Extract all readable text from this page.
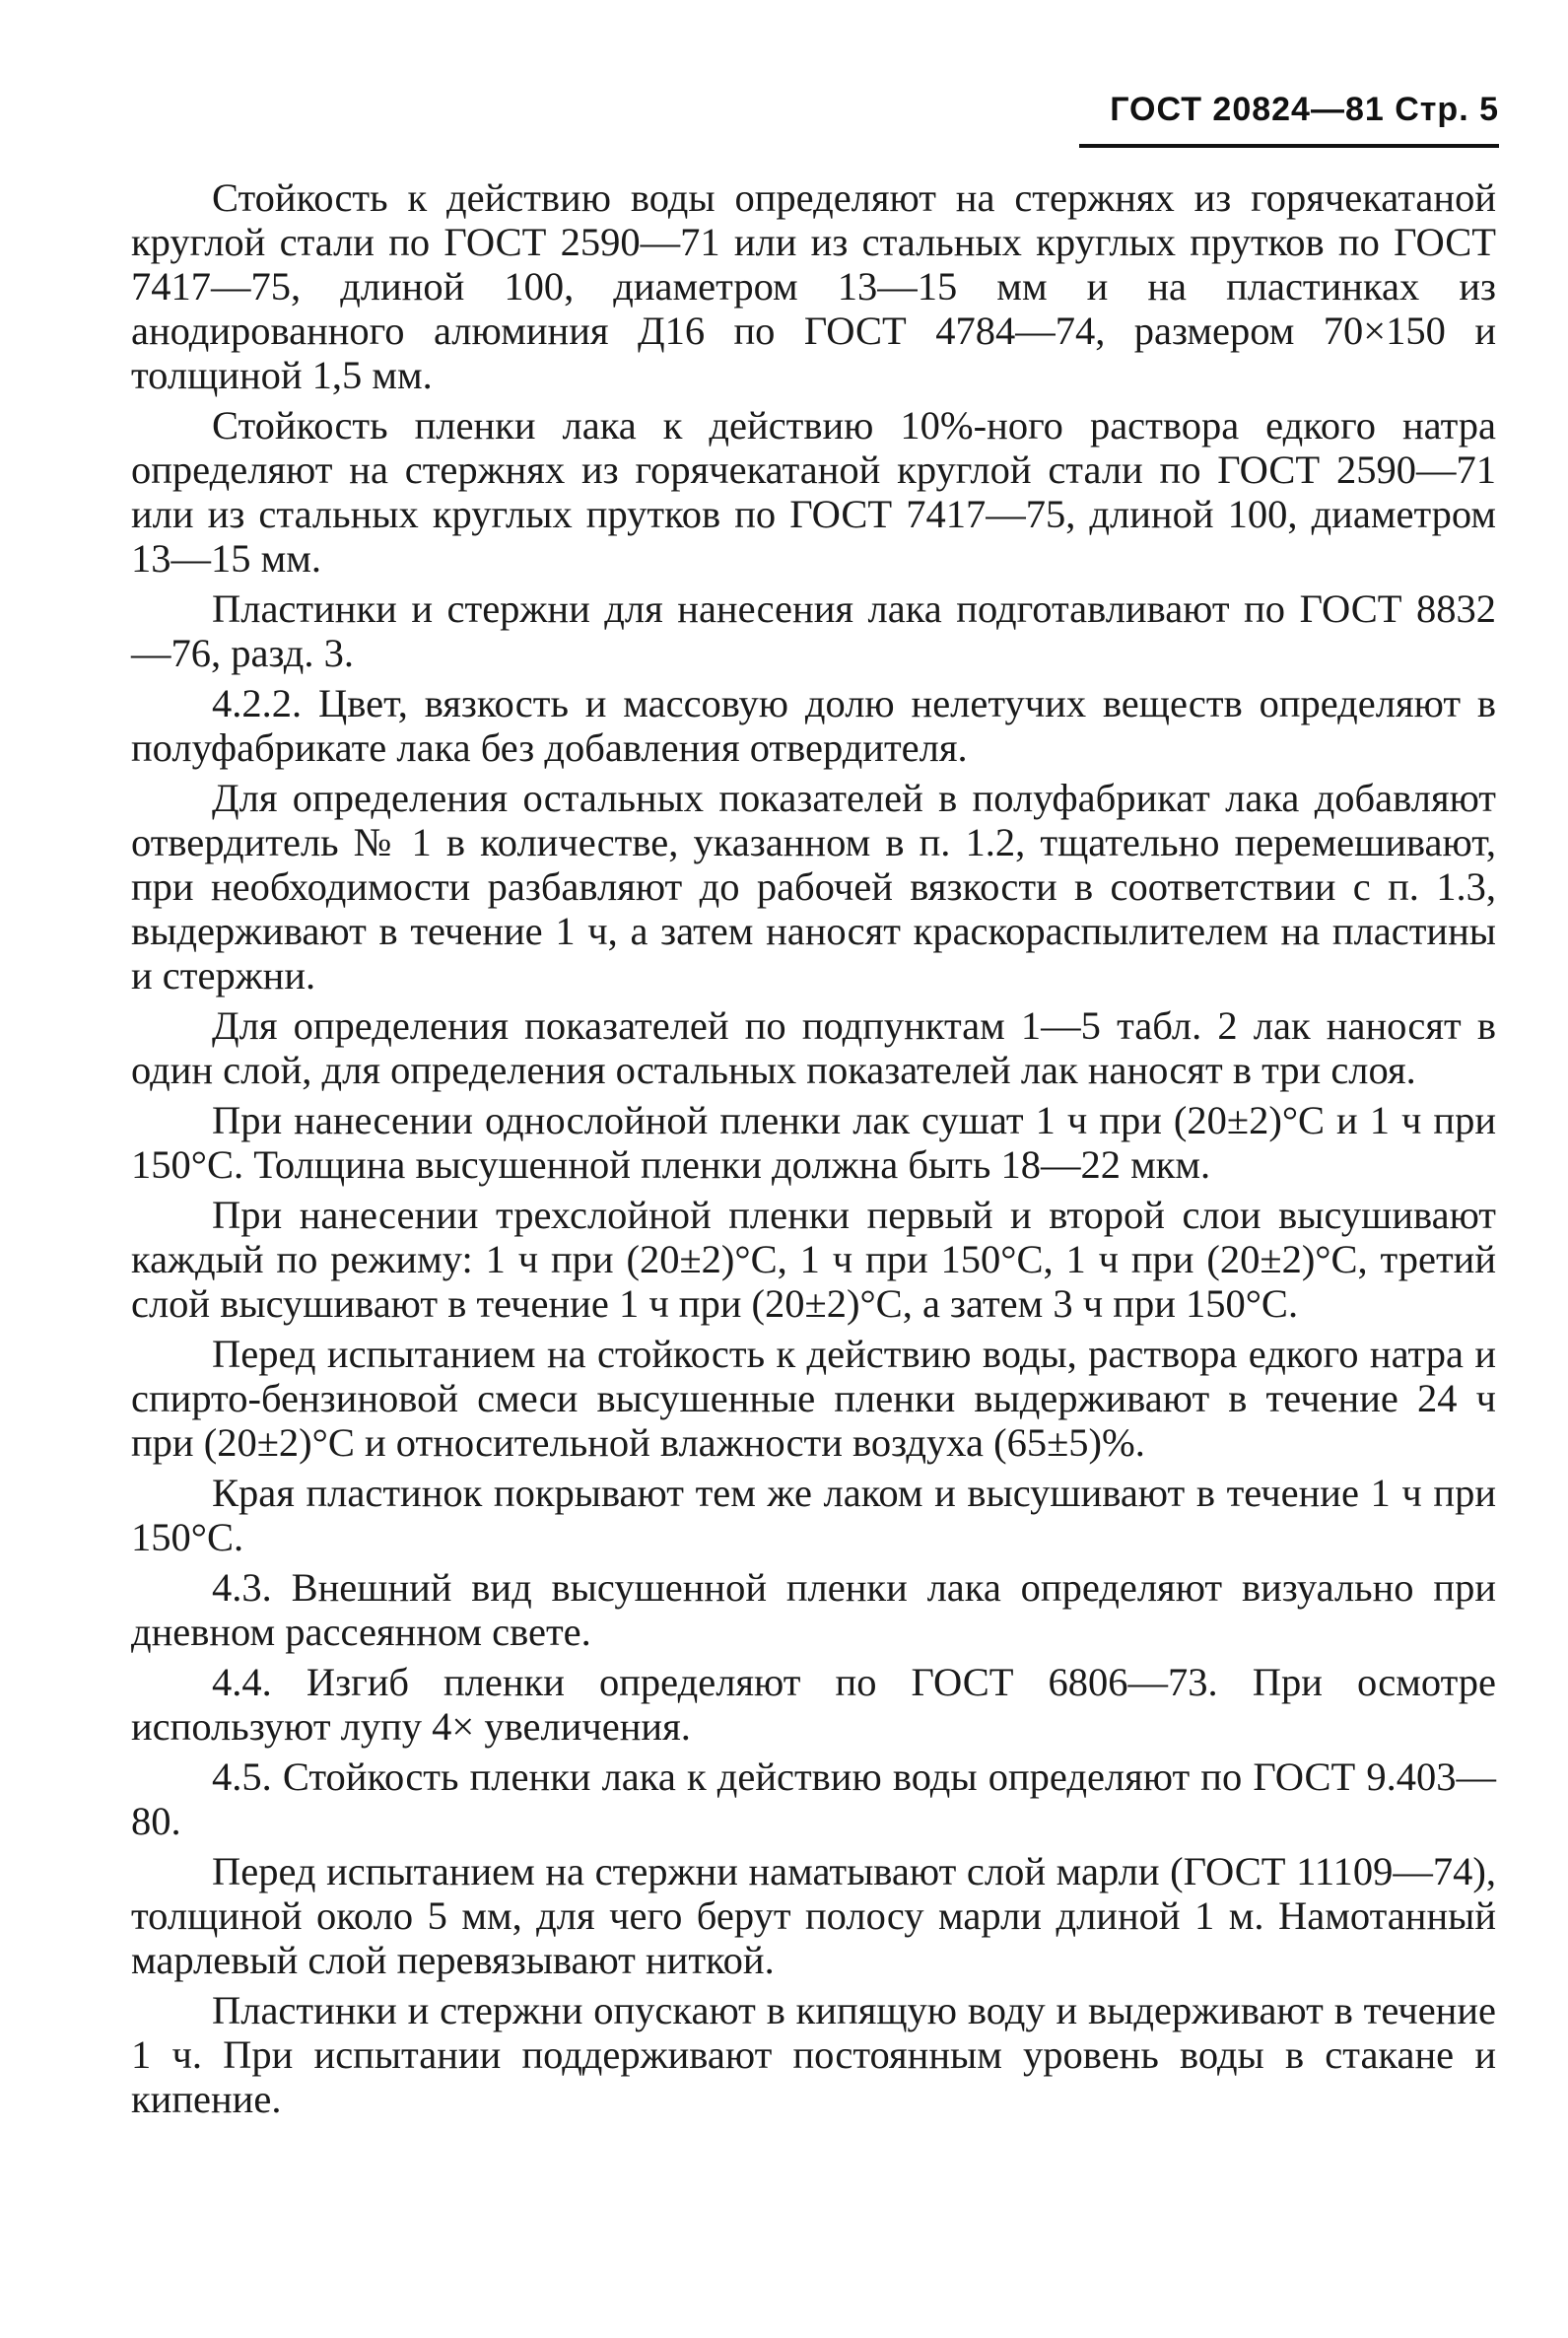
ГОСТ 20824—81 Стр. 5

Стойкость к действию воды определяют на стержнях из горячекатаной круглой стали по ГОСТ 2590—71 или из стальных круглых прутков по ГОСТ 7417—75, длиной 100, диаметром 13—15 мм и на пластинках из анодированного алюминия Д16 по ГОСТ 4784—74, размером 70×150 и толщиной 1,5 мм.

Стойкость пленки лака к действию 10%-ного раствора едкого натра определяют на стержнях из горячекатаной круглой стали по ГОСТ 2590—71 или из стальных круглых прутков по ГОСТ 7417—75, длиной 100, диаметром 13—15 мм.

Пластинки и стержни для нанесения лака подготавливают по ГОСТ 8832—76, разд. 3.

4.2.2. Цвет, вязкость и массовую долю нелетучих веществ определяют в полуфабрикате лака без добавления отвердителя.

Для определения остальных показателей в полуфабрикат лака добавляют отвердитель № 1 в количестве, указанном в п. 1.2, тщательно перемешивают, при необходимости разбавляют до рабочей вязкости в соответствии с п. 1.3, выдерживают в течение 1 ч, а затем наносят краскораспылителем на пластины и стержни.

Для определения показателей по подпунктам 1—5 табл. 2 лак наносят в один слой, для определения остальных показателей лак наносят в три слоя.

При нанесении однослойной пленки лак сушат 1 ч при (20±2)°С и 1 ч при 150°С. Толщина высушенной пленки должна быть 18—22 мкм.

При нанесении трехслойной пленки первый и второй слои высушивают каждый по режиму: 1 ч при (20±2)°С, 1 ч при 150°С, 1 ч при (20±2)°С, третий слой высушивают в течение 1 ч при (20±2)°С, а затем 3 ч при 150°С.

Перед испытанием на стойкость к действию воды, раствора едкого натра и спирто-бензиновой смеси высушенные пленки выдерживают в течение 24 ч при (20±2)°С и относительной влажности воздуха (65±5)%.

Края пластинок покрывают тем же лаком и высушивают в течение 1 ч при 150°С.

4.3. Внешний вид высушенной пленки лака определяют визуально при дневном рассеянном свете.

4.4. Изгиб пленки определяют по ГОСТ 6806—73. При осмотре используют лупу 4× увеличения.

4.5. Стойкость пленки лака к действию воды определяют по ГОСТ 9.403—80.

Перед испытанием на стержни наматывают слой марли (ГОСТ 11109—74), толщиной около 5 мм, для чего берут полосу марли длиной 1 м. Намотанный марлевый слой перевязывают ниткой.

Пластинки и стержни опускают в кипящую воду и выдерживают в течение 1 ч. При испытании поддерживают постоянным уровень воды в стакане и кипение.
